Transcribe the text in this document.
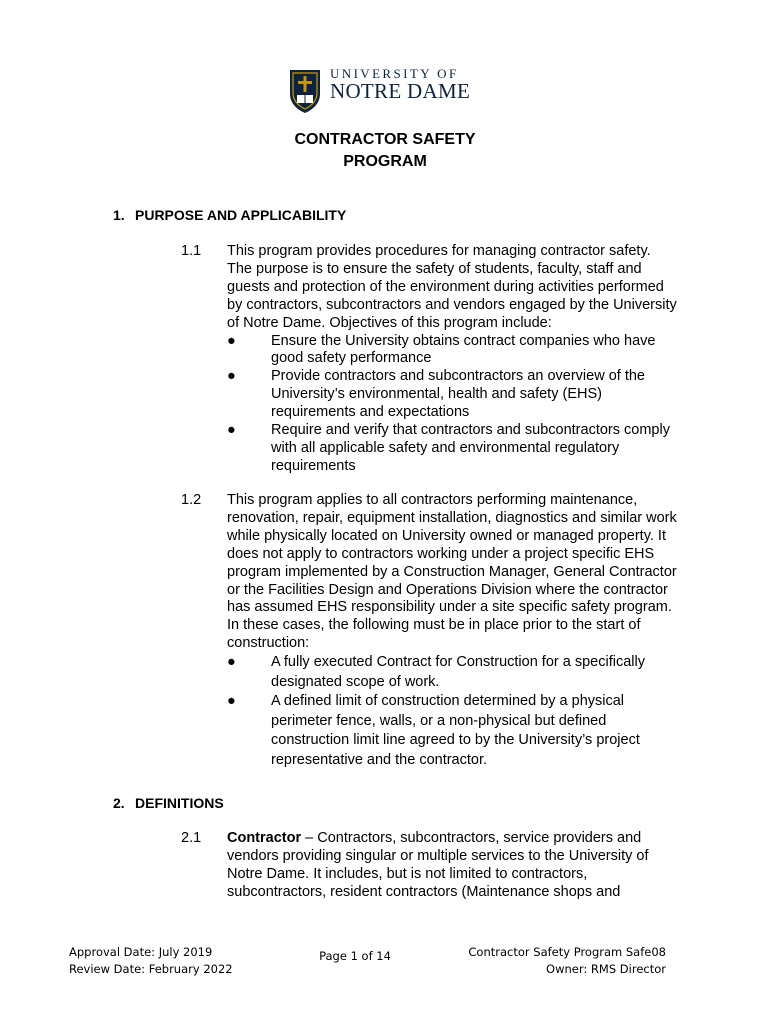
UNIVERSITY OF
NOTRE DAME
CONTRACTOR SAFETY
PROGRAM
1. PURPOSE AND APPLICABILITY
1.1 This program provides procedures for managing contractor safety. The purpose is to ensure the safety of students, faculty, staff and guests and protection of the environment during activities performed by contractors, subcontractors and vendors engaged by the University of Notre Dame. Objectives of this program include:

● Ensure the University obtains contract companies who have good safety performance
● Provide contractors and subcontractors an overview of the University’s environmental, health and safety (EHS) requirements and expectations
● Require and verify that contractors and subcontractors comply with all applicable safety and environmental regulatory requirements
1.2 This program applies to all contractors performing maintenance, renovation, repair, equipment installation, diagnostics and similar work while physically located on University owned or managed property. It does not apply to contractors working under a project specific EHS program implemented by a Construction Manager, General Contractor or the Facilities Design and Operations Division where the contractor has assumed EHS responsibility under a site specific safety program. In these cases, the following must be in place prior to the start of construction:

● A fully executed Contract for Construction for a specifically designated scope of work.
● A defined limit of construction determined by a physical perimeter fence, walls, or a non-physical but defined construction limit line agreed to by the University’s project representative and the contractor.
2. DEFINITIONS
2.1 Contractor – Contractors, subcontractors, service providers and vendors providing singular or multiple services to the University of Notre Dame. It includes, but is not limited to contractors, subcontractors, resident contractors (Maintenance shops and

Approval Date: July 2019
Review Date: February 2022
Page 1 of 14	Contractor Safety Program Safe08
Owner: RMS Director
